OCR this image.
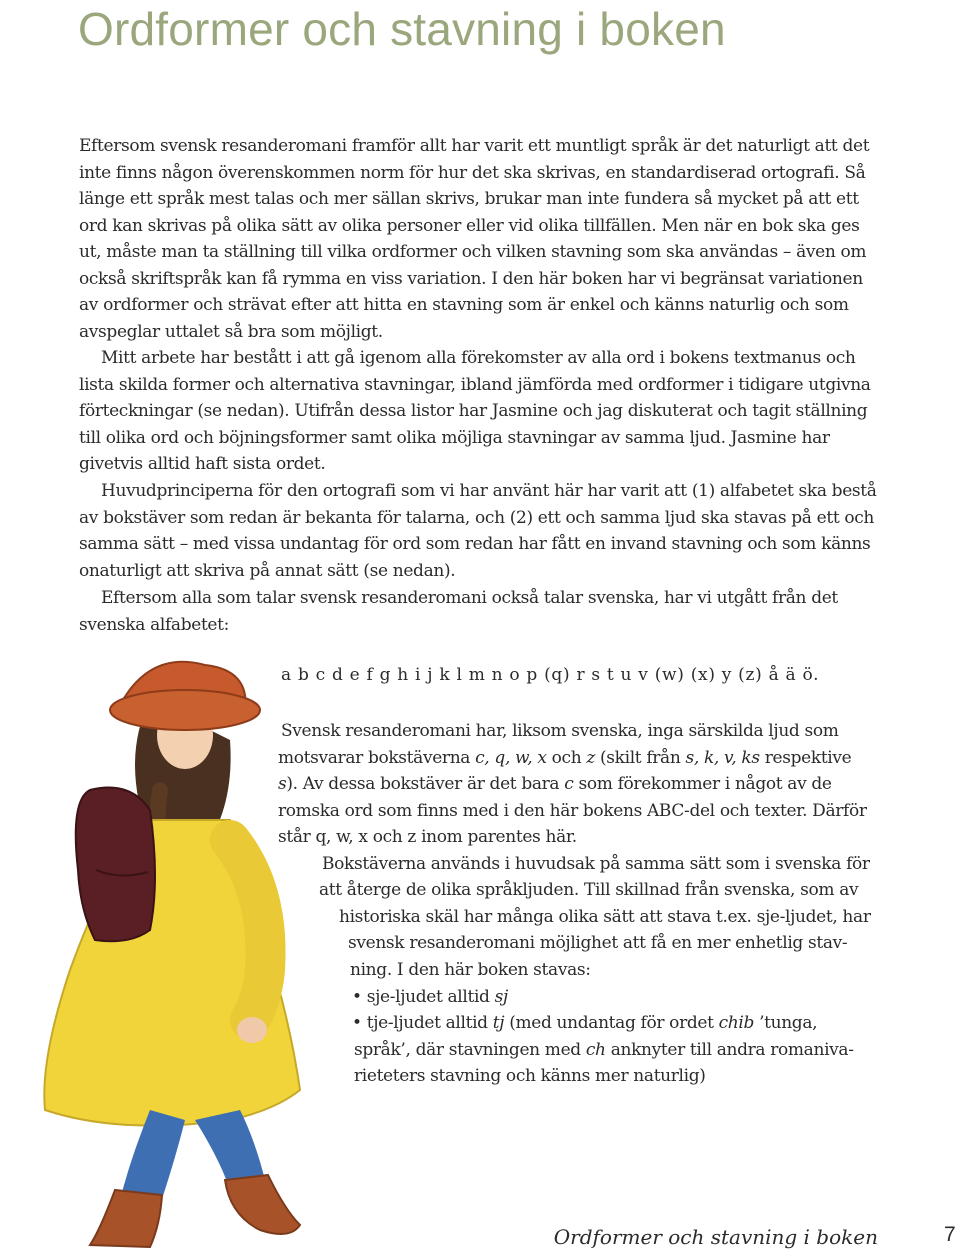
Ordformer och stavning i boken

Eftersom svensk resanderomani framför allt har varit ett muntligt språk är det naturligt att det inte finns någon överenskommen norm för hur det ska skrivas, en standardiserad ortografi. Så länge ett språk mest talas och mer sällan skrivs, brukar man inte fundera så mycket på att ett ord kan skrivas på olika sätt av olika personer eller vid olika tillfällen. Men när en bok ska ges ut, måste man ta ställning till vilka ordformer och vilken stavning som ska användas – även om också skriftspråk kan få rymma en viss variation. I den här boken har vi begränsat variationen av ordformer och strävat efter att hitta en stavning som är enkel och känns naturlig och som avspeglar uttalet så bra som möjligt.

Mitt arbete har bestått i att gå igenom alla förekomster av alla ord i bokens textmanus och lista skilda former och alternativa stavningar, ibland jämförda med ordformer i tidigare utgivna förteckningar (se nedan). Utifrån dessa listor har Jasmine och jag diskuterat och tagit ställning till olika ord och böjningsformer samt olika möjliga stavningar av samma ljud. Jasmine har givetvis alltid haft sista ordet.

Huvudprinciperna för den ortografi som vi har använt här har varit att (1) alfabetet ska bestå av bokstäver som redan är bekanta för talarna, och (2) ett och samma ljud ska stavas på ett och samma sätt – med vissa undantag för ord som redan har fått en invand stavning och som känns onaturligt att skriva på annat sätt (se nedan).

Eftersom alla som talar svensk resanderomani också talar svenska, har vi utgått från det svenska alfabetet:

a b c d e f g h i j k l m n o p (q) r s t u v (w) (x) y (z) å ä ö.

Svensk resanderomani har, liksom svenska, inga särskilda ljud som

motsvarar bokstäverna c, q, w, x och z (skilt från s, k, v, ks respektive

s). Av dessa bokstäver är det bara c som förekommer i något av de

romska ord som finns med i den här bokens ABC-del och texter. Därför

står q, w, x och z inom parentes här.

Bokstäverna används i huvudsak på samma sätt som i svenska för

att återge de olika språkljuden. Till skillnad från svenska, som av

historiska skäl har många olika sätt att stava t.ex. sje-ljudet, har

svensk resanderomani möjlighet att få en mer enhetlig stav-

ning. I den här boken stavas:

• sje-ljudet alltid sj

• tje-ljudet alltid tj (med undantag för ordet chib ’tunga,

språk’, där stavningen med ch anknyter till andra romaniva-

rieteters stavning och känns mer naturlig)

Ordformer och stavning i boken	7
